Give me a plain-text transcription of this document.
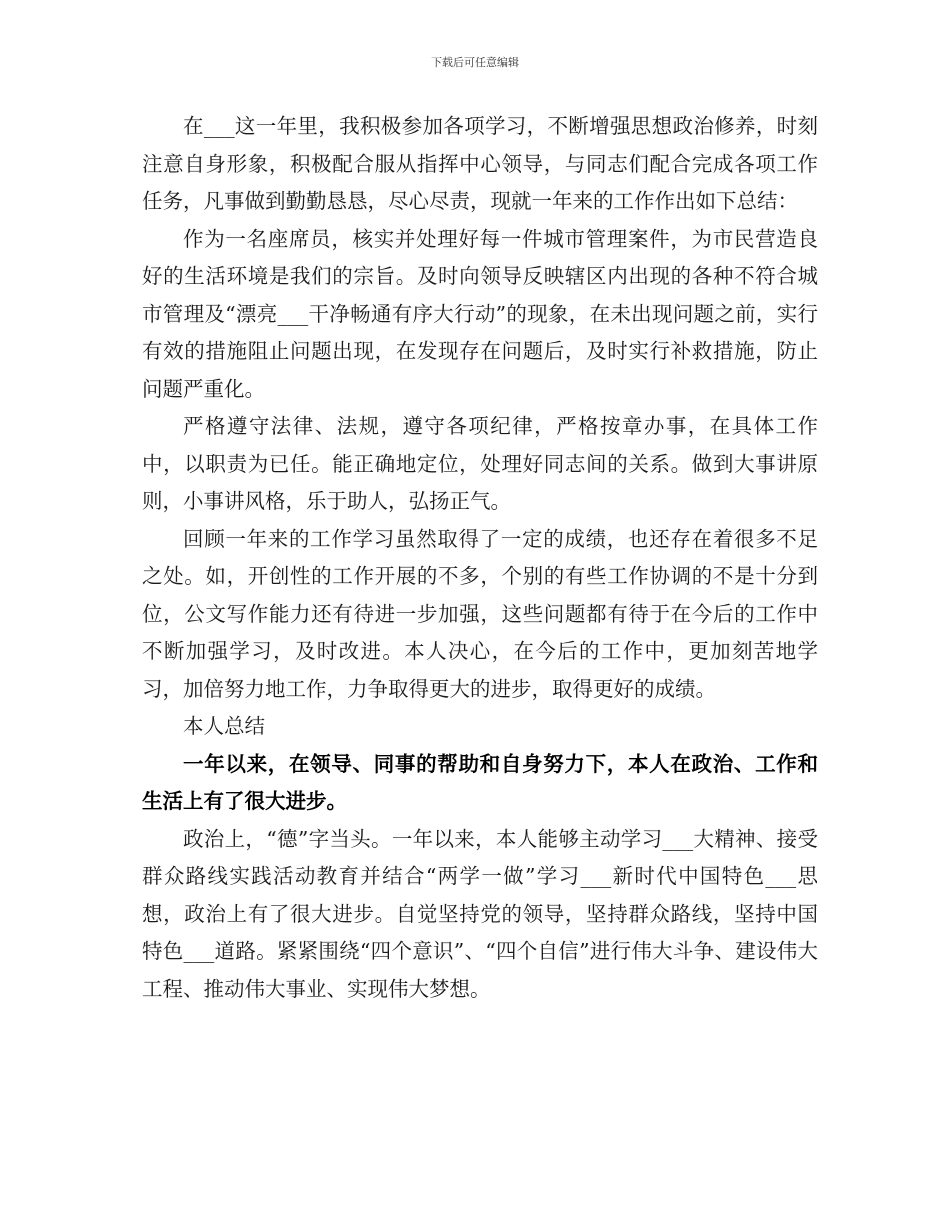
下载后可任意编辑

在___这一年里，我积极参加各项学习，不断增强思想政治修养，时刻注意自身形象，积极配合服从指挥中心领导，与同志们配合完成各项工作任务，凡事做到勤勤恳恳，尽心尽责，现就一年来的工作作出如下总结：

作为一名座席员，核实并处理好每一件城市管理案件，为市民营造良好的生活环境是我们的宗旨。及时向领导反映辖区内出现的各种不符合城市管理及“漂亮___干净畅通有序大行动”的现象，在未出现问题之前，实行有效的措施阻止问题出现，在发现存在问题后，及时实行补救措施，防止问题严重化。

严格遵守法律、法规，遵守各项纪律，严格按章办事，在具体工作中，以职责为已任。能正确地定位，处理好同志间的关系。做到大事讲原则，小事讲风格，乐于助人，弘扬正气。

回顾一年来的工作学习虽然取得了一定的成绩，也还存在着很多不足之处。如，开创性的工作开展的不多，个别的有些工作协调的不是十分到位，公文写作能力还有待进一步加强，这些问题都有待于在今后的工作中不断加强学习，及时改进。本人决心，在今后的工作中，更加刻苦地学习，加倍努力地工作，力争取得更大的进步，取得更好的成绩。

本人总结

一年以来，在领导、同事的帮助和自身努力下，本人在政治、工作和生活上有了很大进步。

政治上，“德”字当头。一年以来，本人能够主动学习___大精神、接受群众路线实践活动教育并结合“两学一做”学习___新时代中国特色___思想，政治上有了很大进步。自觉坚持党的领导，坚持群众路线，坚持中国特色___道路。紧紧围绕“四个意识”、“四个自信”进行伟大斗争、建设伟大工程、推动伟大事业、实现伟大梦想。
